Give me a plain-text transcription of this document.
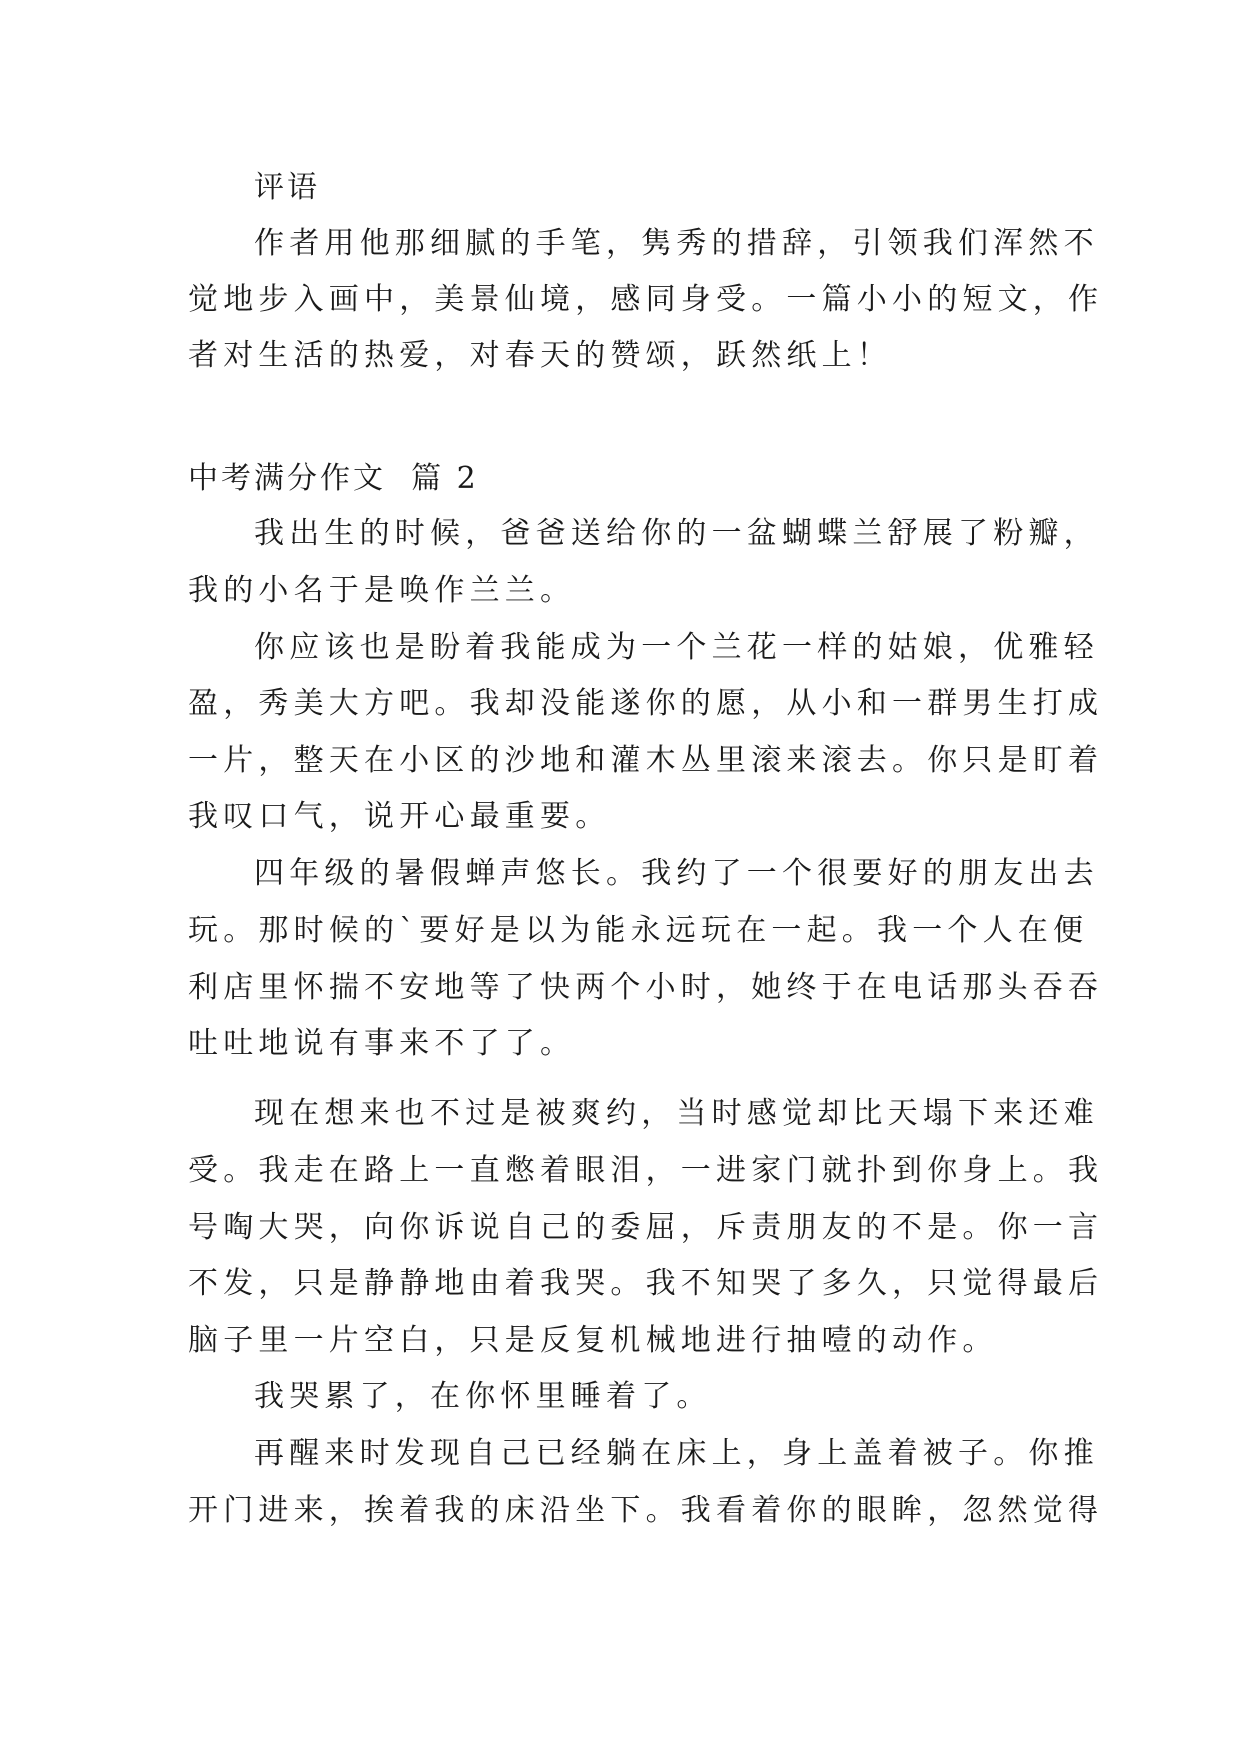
评语
作者用他那细腻的手笔，隽秀的措辞，引领我们浑然不
觉地步入画中，美景仙境，感同身受。一篇小小的短文，作
者对生活的热爱，对春天的赞颂，跃然纸上！
中考满分作文  篇 2
我出生的时候，爸爸送给你的一盆蝴蝶兰舒展了粉瓣，
我的小名于是唤作兰兰。
你应该也是盼着我能成为一个兰花一样的姑娘，优雅轻
盈，秀美大方吧。我却没能遂你的愿，从小和一群男生打成
一片，整天在小区的沙地和灌木丛里滚来滚去。你只是盯着
我叹口气，说开心最重要。
四年级的暑假蝉声悠长。我约了一个很要好的朋友出去
玩。那时候的`要好是以为能永远玩在一起。我一个人在便
利店里怀揣不安地等了快两个小时，她终于在电话那头吞吞
吐吐地说有事来不了了。
现在想来也不过是被爽约，当时感觉却比天塌下来还难
受。我走在路上一直憋着眼泪，一进家门就扑到你身上。我
号啕大哭，向你诉说自己的委屈，斥责朋友的不是。你一言
不发，只是静静地由着我哭。我不知哭了多久，只觉得最后
脑子里一片空白，只是反复机械地进行抽噎的动作。
我哭累了，在你怀里睡着了。
再醒来时发现自己已经躺在床上，身上盖着被子。你推
开门进来，挨着我的床沿坐下。我看着你的眼眸，忽然觉得
